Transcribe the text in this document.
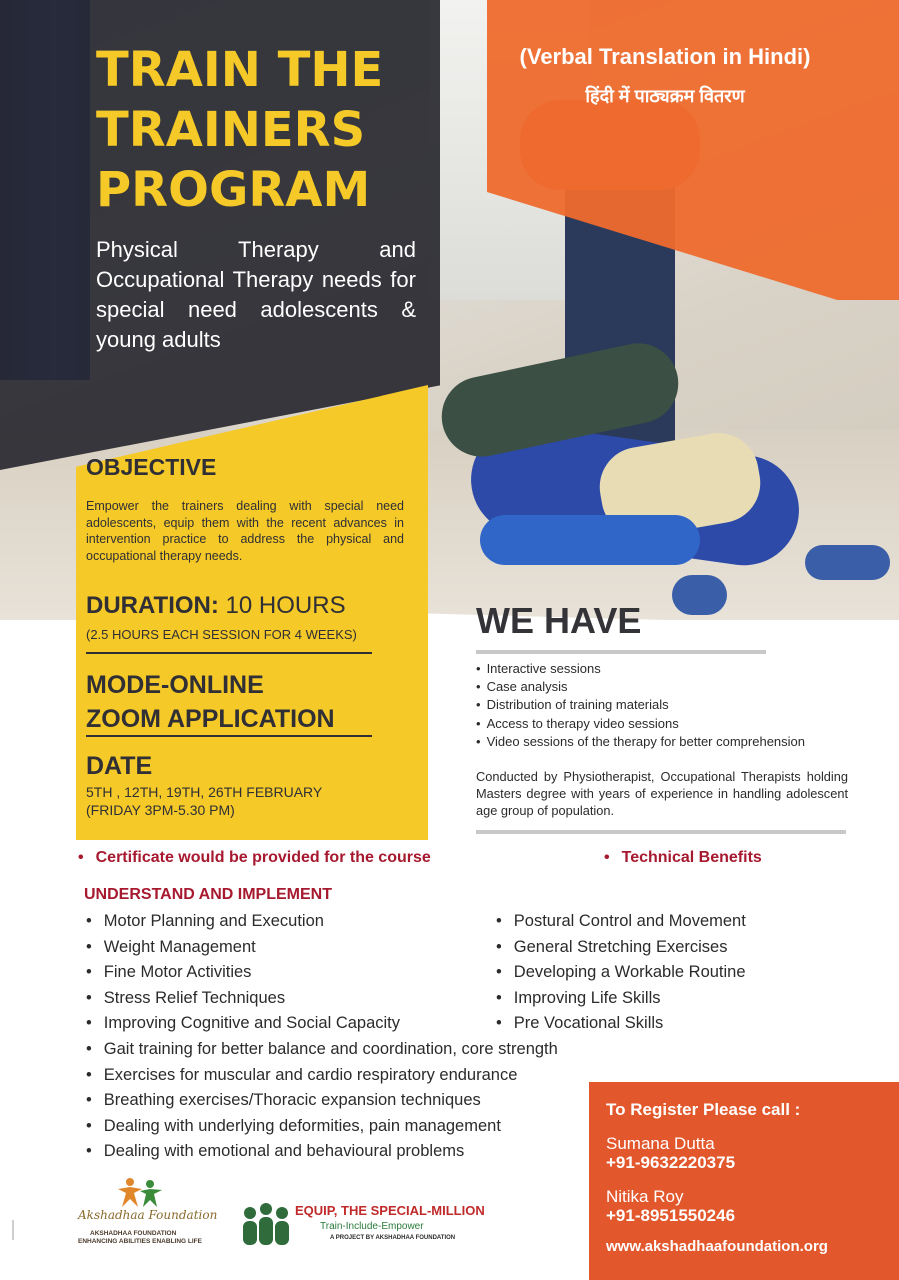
TRAIN THE TRAINERS PROGRAM
Physical Therapy and Occupational Therapy needs for special need adolescents & young adults
(Verbal Translation in Hindi)
हिंदी में पाठ्यक्रम वितरण
OBJECTIVE
Empower the trainers dealing with special need adolescents, equip them with the recent advances in intervention practice to address the physical and occupational therapy needs.
DURATION: 10 HOURS
(2.5 HOURS EACH SESSION FOR 4 WEEKS)
MODE-ONLINE
ZOOM APPLICATION
DATE
5TH , 12TH, 19TH, 26TH FEBRUARY
(FRIDAY 3PM-5.30 PM)
WE HAVE
• Interactive sessions
• Case analysis
• Distribution of training materials
• Access to therapy video sessions
• Video sessions of the therapy for better comprehension
Conducted by Physiotherapist, Occupational Therapists holding Masters degree with years of experience in handling adolescent age group of population.
• Certificate would be provided for the course
•	Technical Benefits
UNDERSTAND AND IMPLEMENT
• Motor Planning and Execution
• Weight Management
• Fine Motor Activities
• Stress Relief Techniques
• Improving Cognitive and Social Capacity
• Gait training for better balance and coordination, core strength
• Exercises for muscular and cardio respiratory endurance
• Breathing exercises/Thoracic expansion techniques
• Dealing with underlying deformities, pain management
• Dealing with emotional and behavioural problems
• Postural Control and Movement
• General Stretching Exercises
• Developing a Workable Routine
• Improving Life Skills
• Pre Vocational Skills
To Register Please call :
Sumana Dutta
+91-9632220375
Nitika Roy
+91-8951550246
www.akshadhaafoundation.org
Akshadhaa Foundation
AKSHADHAA FOUNDATION
ENHANCING ABILITIES ENABLING LIFE
EQUIP, THE SPECIAL-MILLION
Train-Include-Empower
A PROJECT BY AKSHADHAA FOUNDATION
